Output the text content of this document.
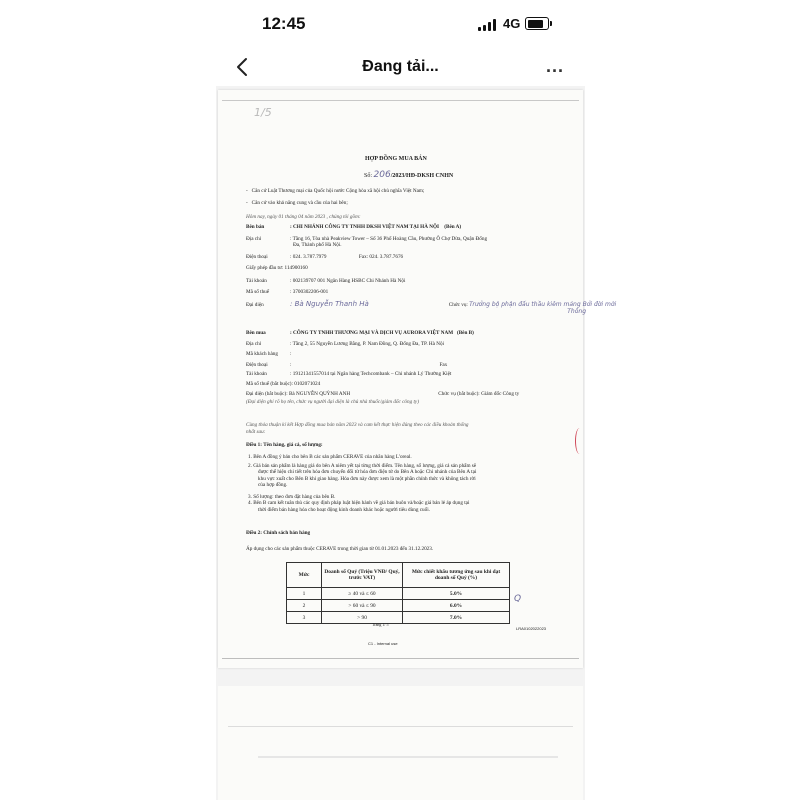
12:45	4G
Đang tải...	...
1/5
HỢP ĐỒNG MUA BÁN
Số: 206/2023/HĐ-DKSH CNHN
-   Căn cứ Luật Thương mại của Quốc hội nước Cộng hòa xã hội chủ nghĩa Việt Nam;
-   Căn cứ vào khả năng cung và cầu của hai bên;
Hôm nay, ngày 01 tháng 04 năm 2023 , chúng tôi gồm:
Bên bán	: CHI NHÁNH CÔNG TY TNHH DKSH VIỆT NAM TẠI HÀ NỘI (Bên A)
Địa chỉ	: Tầng 16, Tòa nhà Peakview Tower – Số 36 Phố Hoàng Cầu, Phường Ô Chợ Dừa, Quận Đống
Đa, Thành phố Hà Nội.
Điện thoại	: 024. 3.787.7979	Fax: 024. 3.787.7676
Giấy phép đầu tư: 114900160
Tài khoản	: 002139707 001 Ngân Hàng HSBC Chi Nhánh Hà Nội
Mã số thuế	: 3700302206-001
Đại diện	: Bà Nguyễn Thanh Hà	Chức vụ: Trưởng bộ phận đấu thầu kiêm mảng Bởi đời mới
Thông
Bên mua	: CÔNG TY TNHH THƯƠNG MẠI VÀ DỊCH VỤ AURORA VIỆT NAM (Bên B)
Địa chỉ	: Tầng 2, 55 Nguyễn Lương Bằng, P. Nam Đồng, Q. Đống Đa, TP. Hà Nội
Mã khách hàng :
Điện thoại	:	Fax
Tài khoản	: 19121341557014 tại Ngân hàng Techcombank – Chi nhánh Lý Thường Kiệt
Mã số thuế (bắt buộc): 0102071024
Đại diện (bắt buộc): Bà NGUYỄN QUỲNH ANH	Chức vụ (bắt buộc): Giám đốc Công ty
(Đại diện ghi rõ họ tên, chức vụ người đại diện là chủ nhà thuốc/giám đốc công ty)
Cùng thỏa thuận kí kết Hợp đồng mua bán năm 2023 và cam kết thực hiện đúng theo các điều khoản thống
nhất sau:
Điều 1: Tên hàng, giá cả, số lượng:
1. Bên A đồng ý bán cho bên B các sản phẩm CERAVE của nhãn hàng L'oreal.
2. Giá bán sản phẩm là hàng giá do bên A niêm yết tại từng thời điểm. Tên hàng, số lượng, giá cả sản phẩm sẽ
được thể hiện chi tiết trên hóa đơn chuyển đổi từ hóa đơn điện tử do Bên A hoặc Chi nhánh của Bên A tại
khu vực xuất cho Bên B khi giao hàng. Hóa đơn này được xem là một phần chính thức và không tách rời
của hợp đồng.
3. Số lượng: theo đơn đặt hàng của bên B.
4. Bên B cam kết tuân thủ các quy định pháp luật hiện hành về giá bán buôn và/hoặc giá bán lẻ áp dụng tại
thời điểm bán hàng hóa cho hoạt động kinh doanh khác hoặc người tiêu dùng cuối.
Điều 2: Chính sách bán hàng
Áp dụng cho các sản phẩm thuộc CERAVE trong thời gian từ 01.01.2023 đến 31.12.2023.
Mức	Doanh số Quý (Triệu VNĐ/ Quý, trước VAT)	Mức chiết khấu tương ứng sau khi đạt doanh số Quý (%)
1	≥ 40 và ≤ 60	5.0%
2	> 60 và ≤ 90	6.0%
3	> 90	7.0%
Q
Trang 1/ 5
LRA0102022023
C1 - Internal use
